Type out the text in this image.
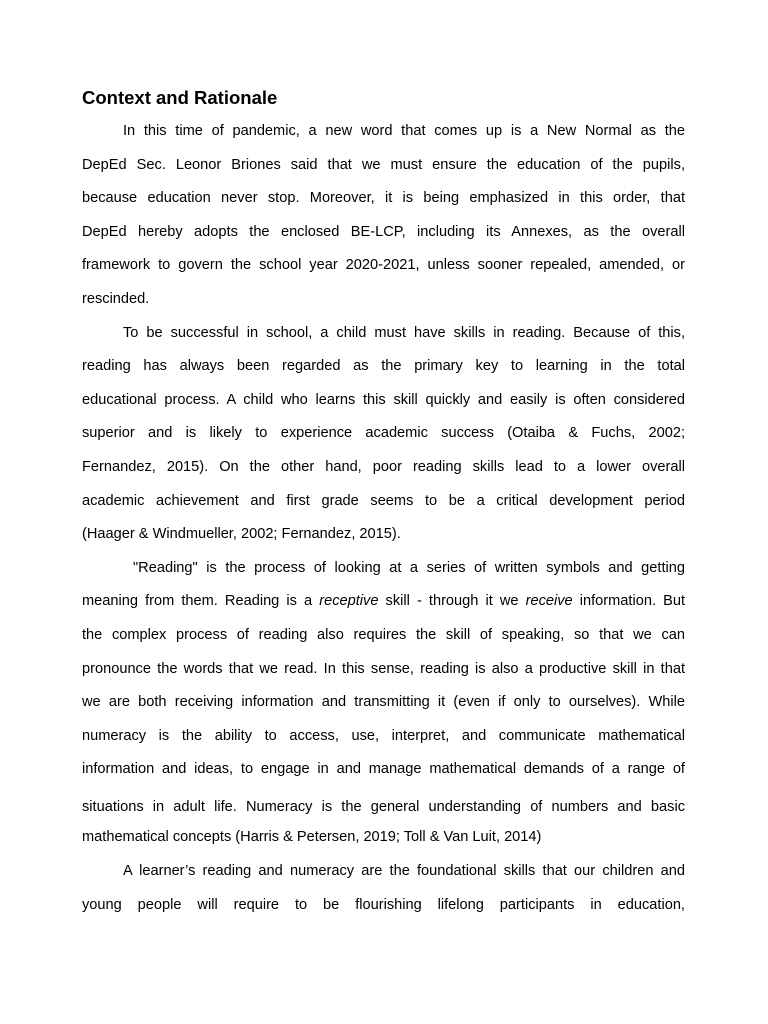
Context and Rationale
In this time of pandemic, a new word that comes up is a New Normal as the
DepEd Sec. Leonor Briones said that we must ensure the education of the pupils,
because education never stop. Moreover, it is being emphasized in this order, that
DepEd hereby adopts the enclosed BE-LCP, including its Annexes, as the overall
framework to govern the school year 2020-2021, unless sooner repealed, amended, or
rescinded.
To be successful in school, a child must have skills in reading. Because of this,
reading has always been regarded as the primary key to learning in the total
educational process. A child who learns this skill quickly and easily is often considered
superior and is likely to experience academic success (Otaiba & Fuchs, 2002;
Fernandez, 2015). On the other hand, poor reading skills lead to a lower overall
academic achievement and first grade seems to be a critical development period
(Haager & Windmueller, 2002; Fernandez, 2015).
"Reading" is the process of looking at a series of written symbols and getting
meaning from them. Reading is a receptive skill - through it we receive information. But
the complex process of reading also requires the skill of speaking, so that we can
pronounce the words that we read. In this sense, reading is also a productive skill in that
we are both receiving information and transmitting it (even if only to ourselves). While
numeracy is the ability to access, use, interpret, and communicate mathematical
information and ideas, to engage in and manage mathematical demands of a range of
situations in adult life. Numeracy is the general understanding of numbers and basic
mathematical concepts (Harris & Petersen, 2019; Toll & Van Luit, 2014)
A learner’s reading and numeracy are the foundational skills that our children and
young people will require to be flourishing lifelong participants in education,
